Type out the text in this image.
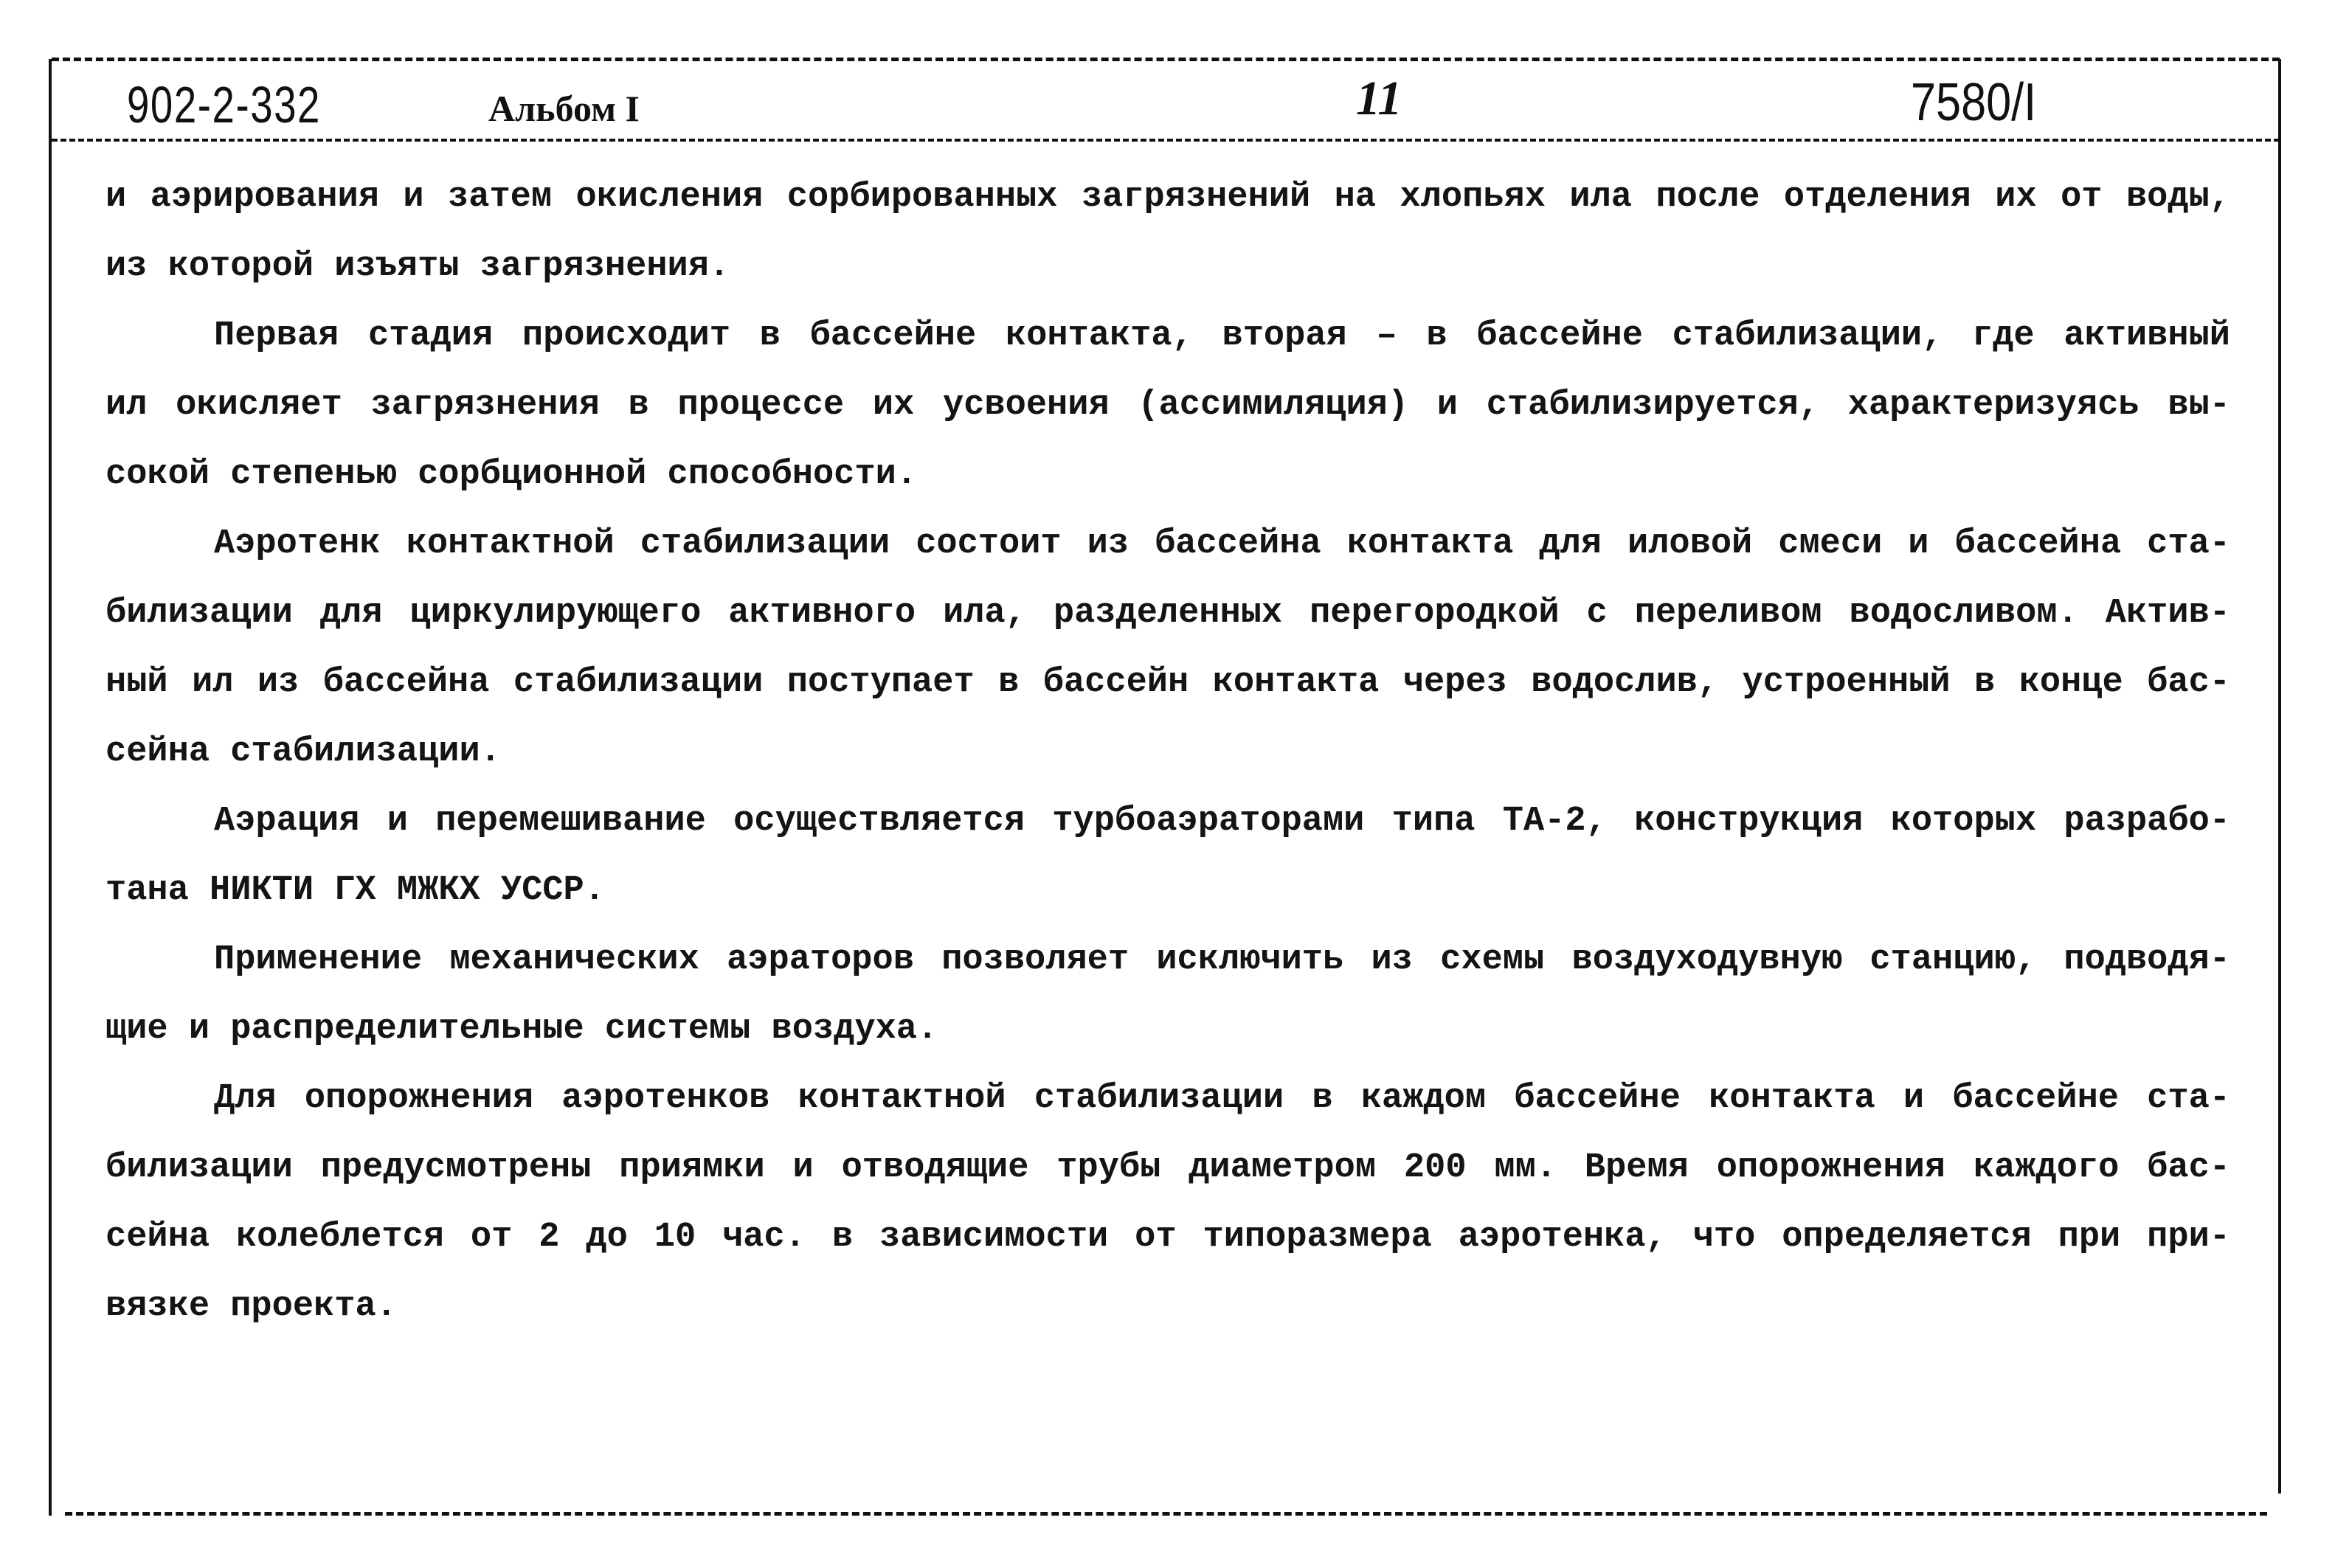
902-2-332	Альбом I	11	7580/I
и аэрирования и затем окисления сорбированных загрязнений на хлопьях ила после отделения их от воды,
из которой изъяты загрязнения.
Первая стадия происходит в бассейне контакта, вторая – в бассейне стабилизации, где активный
ил окисляет загрязнения в процессе их усвоения (ассимиляция) и стабилизируется, характеризуясь вы-
сокой степенью сорбционной способности.
Аэротенк контактной стабилизации состоит из бассейна контакта для иловой смеси и бассейна ста-
билизации для циркулирующего активного ила, разделенных перегородкой с переливом водосливом. Актив-
ный ил из бассейна стабилизации поступает в бассейн контакта через водослив, устроенный в конце бас-
сейна стабилизации.
Аэрация и перемешивание осуществляется турбоаэраторами типа ТА-2, конструкция которых разрабо-
тана НИКТИ ГХ МЖКХ УССР.
Применение механических аэраторов позволяет исключить из схемы воздуходувную станцию, подводя-
щие и распределительные системы воздуха.
Для опорожнения аэротенков контактной стабилизации в каждом бассейне контакта и бассейне ста-
билизации предусмотрены приямки и отводящие трубы диаметром 200 мм. Время опорожнения каждого бас-
сейна колеблется от 2 до 10 час. в зависимости от типоразмера аэротенка, что определяется при при-
вязке проекта.
